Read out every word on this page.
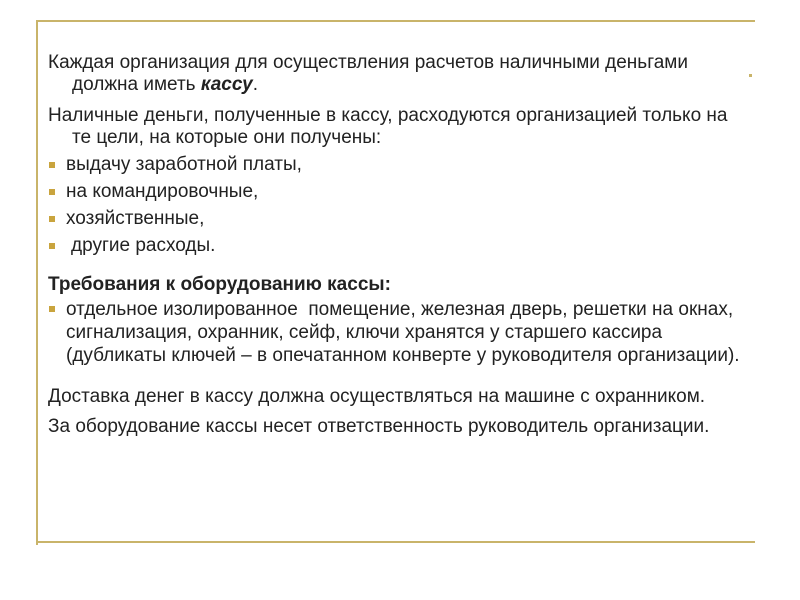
Каждая организация для осуществления расчетов наличными деньгами должна иметь кассу.

Наличные деньги, полученные в кассу, расходуются организацией только на те цели, на которые они получены:

выдачу заработной платы,
на командировочные,
хозяйственные,
другие расходы.

Требования к оборудованию кассы:

отдельное изолированное  помещение, железная дверь, решетки на окнах, сигнализация, охранник, сейф, ключи хранятся у старшего кассира (дубликаты ключей – в опечатанном конверте у руководителя организации).

Доставка денег в кассу должна осуществляться на машине с охранником.

За оборудование кассы несет ответственность руководитель организации.
